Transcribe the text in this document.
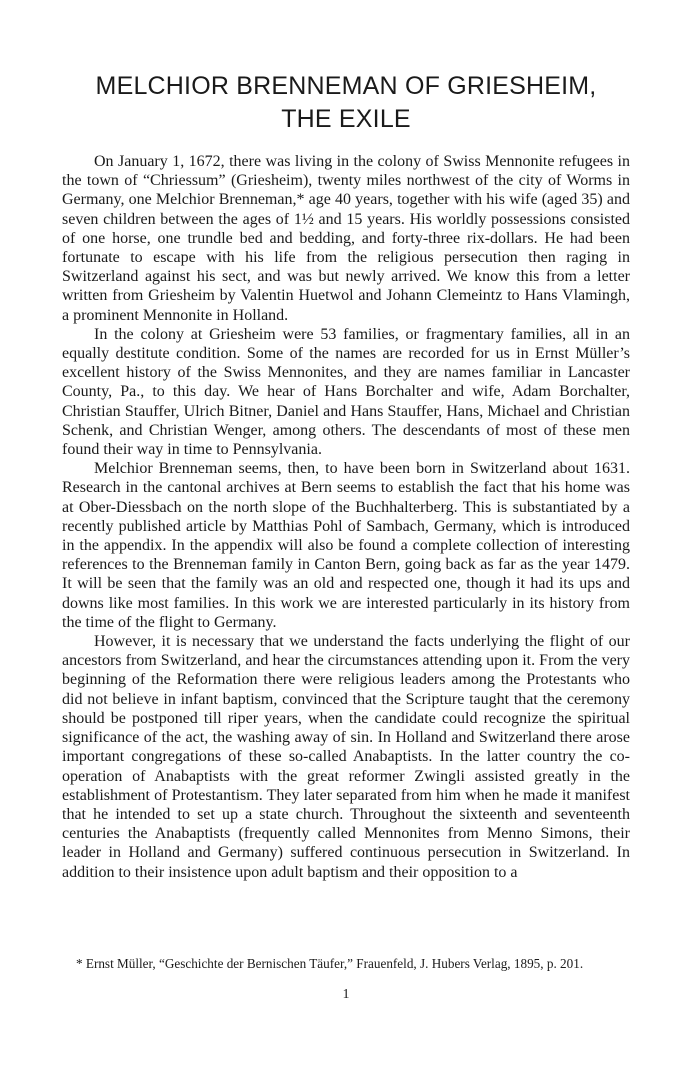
MELCHIOR BRENNEMAN OF GRIESHEIM,
THE EXILE

On January 1, 1672, there was living in the colony of Swiss Mennonite refugees in the town of “Chriessum” (Griesheim), twenty miles northwest of the city of Worms in Germany, one Melchior Brenneman,* age 40 years, together with his wife (aged 35) and seven children between the ages of 1½ and 15 years. His worldly possessions consisted of one horse, one trundle bed and bedding, and forty-three rix-dollars. He had been fortunate to escape with his life from the religious persecution then raging in Switzerland against his sect, and was but newly arrived. We know this from a letter written from Griesheim by Valentin Huetwol and Johann Clemeintz to Hans Vlamingh, a prominent Mennonite in Holland.

In the colony at Griesheim were 53 families, or fragmentary families, all in an equally destitute condition. Some of the names are recorded for us in Ernst Müller’s excellent history of the Swiss Mennonites, and they are names familiar in Lancaster County, Pa., to this day. We hear of Hans Borchalter and wife, Adam Borchalter, Christian Stauffer, Ulrich Bitner, Daniel and Hans Stauffer, Hans, Michael and Christian Schenk, and Christian Wenger, among others. The descendants of most of these men found their way in time to Pennsylvania.

Melchior Brenneman seems, then, to have been born in Switzerland about 1631. Research in the cantonal archives at Bern seems to establish the fact that his home was at Ober-Diessbach on the north slope of the Buchhalterberg. This is substantiated by a recently published article by Matthias Pohl of Sambach, Germany, which is introduced in the appendix. In the appendix will also be found a complete collection of interesting references to the Brenneman family in Canton Bern, going back as far as the year 1479. It will be seen that the family was an old and respected one, though it had its ups and downs like most families. In this work we are interested particularly in its history from the time of the flight to Germany.

However, it is necessary that we understand the facts underlying the flight of our ancestors from Switzerland, and hear the circumstances attending upon it. From the very beginning of the Reformation there were religious leaders among the Protestants who did not believe in infant baptism, convinced that the Scripture taught that the ceremony should be postponed till riper years, when the candidate could recognize the spiritual significance of the act, the washing away of sin. In Holland and Switzerland there arose important congregations of these so-called Anabaptists. In the latter country the co-operation of Anabaptists with the great reformer Zwingli assisted greatly in the establishment of Protestantism. They later separated from him when he made it manifest that he intended to set up a state church. Throughout the sixteenth and seventeenth centuries the Anabaptists (frequently called Mennonites from Menno Simons, their leader in Holland and Germany) suffered continuous persecution in Switzerland. In addition to their insistence upon adult baptism and their opposition to a

* Ernst Müller, “Geschichte der Bernischen Täufer,” Frauenfeld, J. Hubers Verlag, 1895, p. 201.

1
